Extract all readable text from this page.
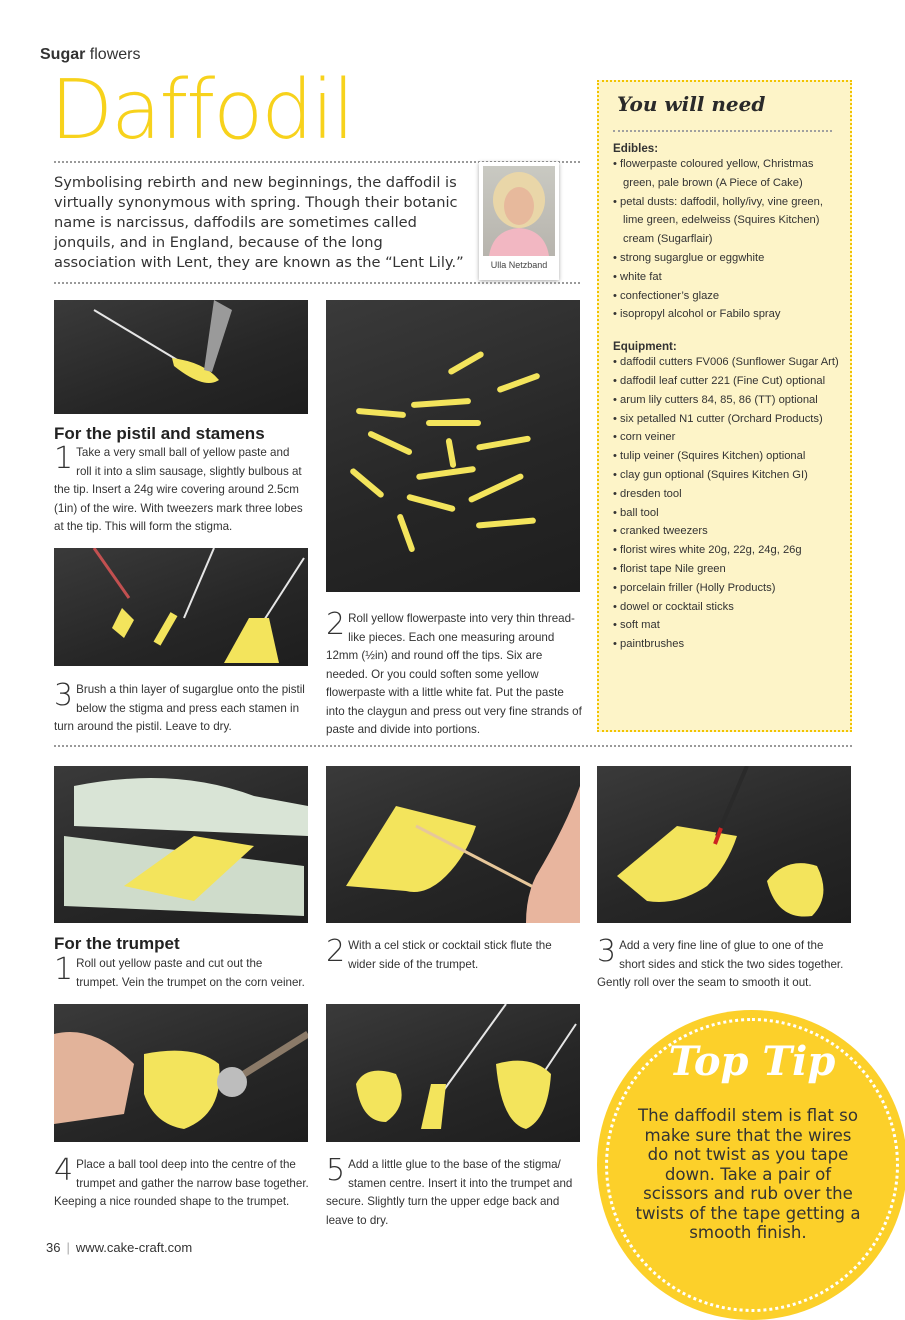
Sugar flowers
Daffodil
Symbolising rebirth and new beginnings, the daffodil is virtually synonymous with spring. Though their botanic name is narcissus, daffodils are sometimes called jonquils, and in England, because of the long association with Lent, they are known as the “Lent Lily.”	Ulla Netzband
For the pistil and stamens
1 Take a very small ball of yellow paste and roll it into a slim sausage, slightly bulbous at the tip. Insert a 24g wire covering around 2.5cm (1in) of the wire. With tweezers mark three lobes at the tip. This will form the stigma.
3 Brush a thin layer of sugarglue onto the pistil below the stigma and press each stamen in turn around the pistil. Leave to dry.
2 Roll yellow flowerpaste into very thin thread-like pieces. Each one measuring around 12mm (½in) and round off the tips. Six are needed. Or you could soften some yellow flowerpaste with a little white fat. Put the paste into the claygun and press out very fine strands of paste and divide into portions.
You will need
Edibles:
• flowerpaste coloured yellow, Christmas green, pale brown (A Piece of Cake)
• petal dusts: daffodil, holly/ivy, vine green, lime green, edelweiss (Squires Kitchen) cream (Sugarflair)
• strong sugarglue or eggwhite
• white fat
• confectioner’s glaze
• isopropyl alcohol or Fabilo spray
Equipment:
• daffodil cutters FV006 (Sunflower Sugar Art)
• daffodil leaf cutter 221 (Fine Cut) optional
• arum lily cutters 84, 85, 86 (TT) optional
• six petalled N1 cutter (Orchard Products)
• corn veiner
• tulip veiner (Squires Kitchen) optional
• clay gun optional (Squires Kitchen GI)
• dresden tool
• ball tool
• cranked tweezers
• florist wires white 20g, 22g, 24g, 26g
• florist tape Nile green
• porcelain friller (Holly Products)
• dowel or cocktail sticks
• soft mat
• paintbrushes
For the trumpet
1 Roll out yellow paste and cut out the trumpet. Vein the trumpet on the corn veiner.
2 With a cel stick or cocktail stick flute the wider side of the trumpet.	3 Add a very fine line of glue to one of the short sides and stick the two sides together. Gently roll over the seam to smooth it out.
4 Place a ball tool deep into the centre of the trumpet and gather the narrow base together. Keeping a nice rounded shape to the trumpet.
5 Add a little glue to the base of the stigma/ stamen centre. Insert it into the trumpet and secure. Slightly turn the upper edge back and leave to dry.
Top Tip
The daffodil stem is flat so make sure that the wires do not twist as you tape down. Take a pair of scissors and rub over the twists of the tape getting a smooth finish.
36 | www.cake-craft.com
